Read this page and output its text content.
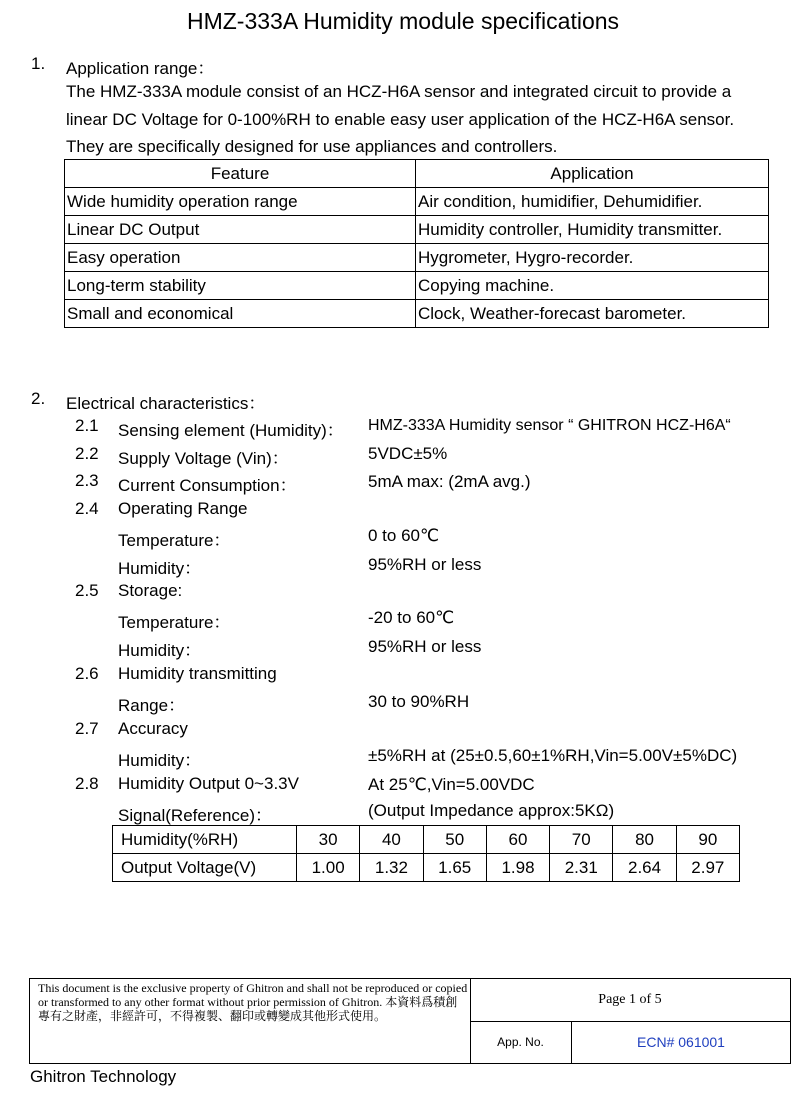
HMZ-333A Humidity module specifications
1. Application range：
The HMZ-333A module consist of an HCZ-H6A sensor and integrated circuit to provide a
linear DC Voltage for 0-100%RH to enable easy user application of the HCZ-H6A sensor.
They are specifically designed for use appliances and controllers.
Feature	Application
Wide humidity operation range	Air condition, humidifier, Dehumidifier.
Linear DC Output	Humidity controller, Humidity transmitter.
Easy operation	Hygrometer, Hygro-recorder.
Long-term stability	Copying machine.
Small and economical	Clock, Weather-forecast barometer.
2. Electrical characteristics：
2.1 Sensing element (Humidity)： HMZ-333A Humidity sensor “ GHITRON HCZ-H6A“
2.2 Supply Voltage (Vin)：	5VDC±5%
2.3 Current Consumption：	5mA max: (2mA avg.)
2.4 Operating Range
Temperature：	0 to 60℃
Humidity：	95%RH or less
2.5 Storage:
Temperature：	-20 to 60℃
Humidity：	95%RH or less
2.6 Humidity transmitting
Range：	30 to 90%RH
2.7 Accuracy
Humidity：	±5%RH at (25±0.5,60±1%RH,Vin=5.00V±5%DC)
2.8 Humidity Output 0~3.3V	At 25℃,Vin=5.00VDC
Signal(Reference)：	(Output Impedance approx:5KΩ)
Humidity(%RH)	30	40	50	60	70	80	90
Output Voltage(V)	1.00	1.32	1.65	1.98	2.31	2.64	2.97
This document is the exclusive property of Ghitron and shall not be reproduced or copied or transformed to any other format without prior permission of Ghitron. 本資料爲積創專有之財產，非經許可，不得複製、翻印或轉變成其他形式使用。
Page 1 of 5
App. No.	ECN# 061001
Ghitron Technology
